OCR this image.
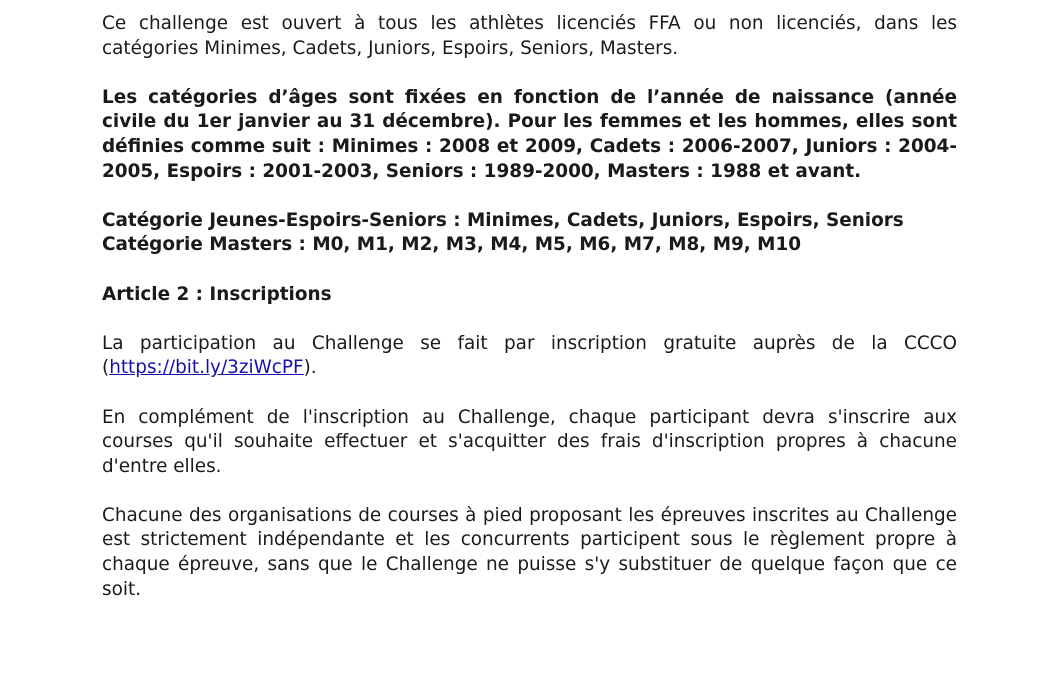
Ce challenge est ouvert à tous les athlètes licenciés FFA ou non licenciés, dans les catégories Minimes, Cadets, Juniors, Espoirs, Seniors, Masters.

Les catégories d’âges sont fixées en fonction de l’année de naissance (année civile du 1er janvier au 31 décembre). Pour les femmes et les hommes, elles sont définies comme suit : Minimes : 2008 et 2009, Cadets : 2006-2007, Juniors : 2004-2005, Espoirs : 2001-2003, Seniors : 1989-2000, Masters : 1988 et avant.

Catégorie Jeunes-Espoirs-Seniors : Minimes, Cadets, Juniors, Espoirs, Seniors

Catégorie Masters : M0, M1, M2, M3, M4, M5, M6, M7, M8, M9, M10

Article 2 : Inscriptions

La participation au Challenge se fait par inscription gratuite auprès de la CCCO (https://bit.ly/3ziWcPF).

En complément de l'inscription au Challenge, chaque participant devra s'inscrire aux courses qu'il souhaite effectuer et s'acquitter des frais d'inscription propres à chacune d'entre elles.

Chacune des organisations de courses à pied proposant les épreuves inscrites au Challenge est strictement indépendante et les concurrents participent sous le règlement propre à chaque épreuve, sans que le Challenge ne puisse s'y substituer de quelque façon que ce soit.
